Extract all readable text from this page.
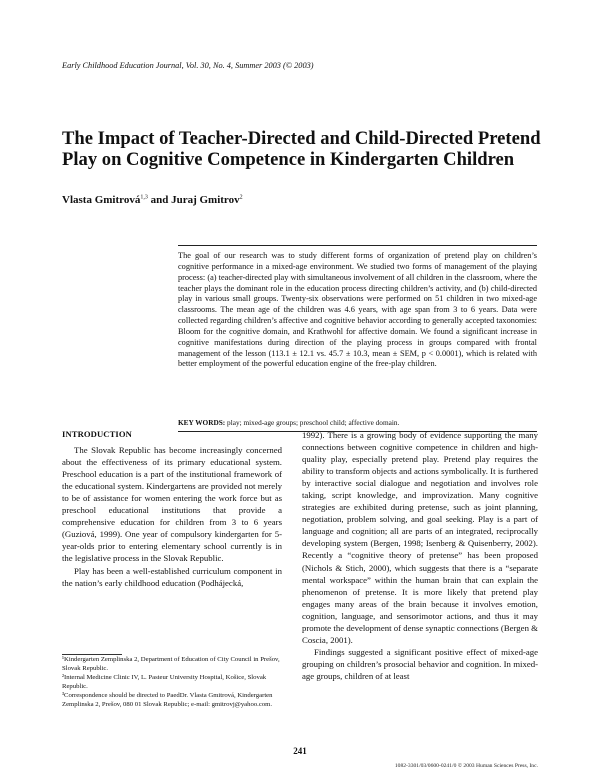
Early Childhood Education Journal, Vol. 30, No. 4, Summer 2003 (© 2003)
The Impact of Teacher-Directed and Child-Directed Pretend Play on Cognitive Competence in Kindergarten Children
Vlasta Gmitrová$^{1,3}$ and Juraj Gmitrov$^2$
The goal of our research was to study different forms of organization of pretend play on children’s cognitive performance in a mixed-age environment. We studied two forms of management of the playing process: (a) teacher-directed play with simultaneous involvement of all children in the classroom, where the teacher plays the dominant role in the education process directing children’s activity, and (b) child-directed play in various small groups. Twenty-six observations were performed on 51 children in two mixed-age classrooms. The mean age of the children was 4.6 years, with age span from 3 to 6 years. Data were collected regarding children’s affective and cognitive behavior according to generally accepted taxonomies: Bloom for the cognitive domain, and Krathwohl for affective domain. We found a significant increase in cognitive manifestations during direction of the playing process in groups compared with frontal management of the lesson (113.1 ± 12.1 vs. 45.7 ± 10.3, mean ± SEM, p < 0.0001), which is related with better employment of the powerful education engine of the free-play children.
KEY WORDS: play; mixed-age groups; preschool child; affective domain.

INTRODUCTION

The Slovak Republic has become increasingly concerned about the effectiveness of its primary educational system. Preschool education is a part of the institutional framework of the educational system. Kindergartens are provided not merely to be of assistance for women entering the work force but as preschool educational institutions that provide a comprehensive education for children from 3 to 6 years (Guziová, 1999). One year of compulsory kindergarten for 5-year-olds prior to entering elementary school currently is in the legislative process in the Slovak Republic.

Play has been a well-established curriculum component in the nation’s early childhood education (Podhájecká,

1992). There is a growing body of evidence supporting the many connections between cognitive competence in children and high-quality play, especially pretend play. Pretend play requires the ability to transform objects and actions symbolically. It is furthered by interactive social dialogue and negotiation and involves role taking, script knowledge, and improvization. Many cognitive strategies are exhibited during pretense, such as joint planning, negotiation, problem solving, and goal seeking. Play is a part of language and cognition; all are parts of an integrated, reciprocally developing system (Bergen, 1998; Isenberg & Quisenberry, 2002). Recently a “cognitive theory of pretense” has been proposed (Nichols & Stich, 2000), which suggests that there is a “separate mental workspace” within the human brain that can explain the phenomenon of pretense. It is more likely that pretend play engages many areas of the brain because it involves emotion, cognition, language, and sensorimotor actions, and thus it may promote the development of dense synaptic connections (Bergen & Coscia, 2001).

Findings suggested a significant positive effect of mixed-age grouping on children’s prosocial behavior and cognition. In mixed-age groups, children of at least

¹Kindergarten Zemplinska 2, Department of Education of City Council in Prešov, Slovak Republic.

²Internal Medicine Clinic IV, L. Pasteur University Hospital, Košice, Slovak Republic.

³Correspondence should be directed to PaedDr. Vlasta Gmitrová, Kindergarten Zemplinska 2, Prešov, 080 01 Slovak Republic; e-mail: gmitrovj@yahoo.com.

241
1082-3301/03/0600-0241/0 © 2003 Human Sciences Press, Inc.
